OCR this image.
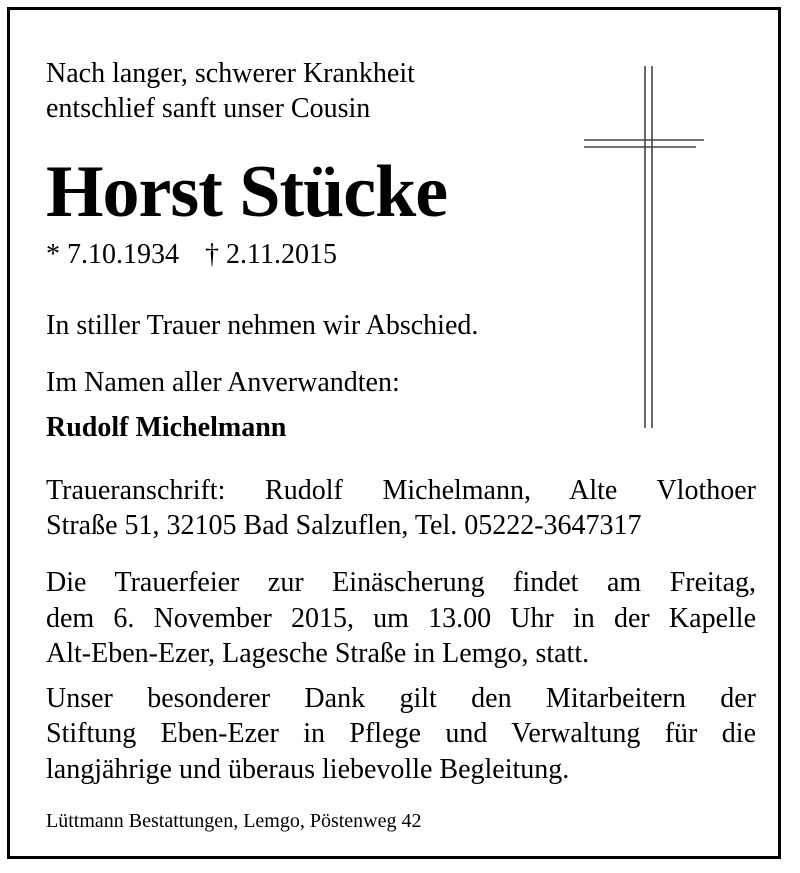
Nach langer, schwerer Krankheit
entschlief sanft unser Cousin
Horst Stücke
* 7.10.1934 † 2.11.2015
In stiller Trauer nehmen wir Abschied.
Im Namen aller Anverwandten:
Rudolf Michelmann
Traueranschrift: Rudolf Michelmann, Alte Vlothoer
Straße 51, 32105 Bad Salzuflen, Tel. 05222-3647317
Die Trauerfeier zur Einäscherung findet am Freitag,
dem 6. November 2015, um 13.00 Uhr in der Kapelle
Alt-Eben-Ezer, Lagesche Straße in Lemgo, statt.
Unser besonderer Dank gilt den Mitarbeitern der
Stiftung Eben-Ezer in Pflege und Verwaltung für die
langjährige und überaus liebevolle Begleitung.
Lüttmann Bestattungen, Lemgo, Pöstenweg 42
